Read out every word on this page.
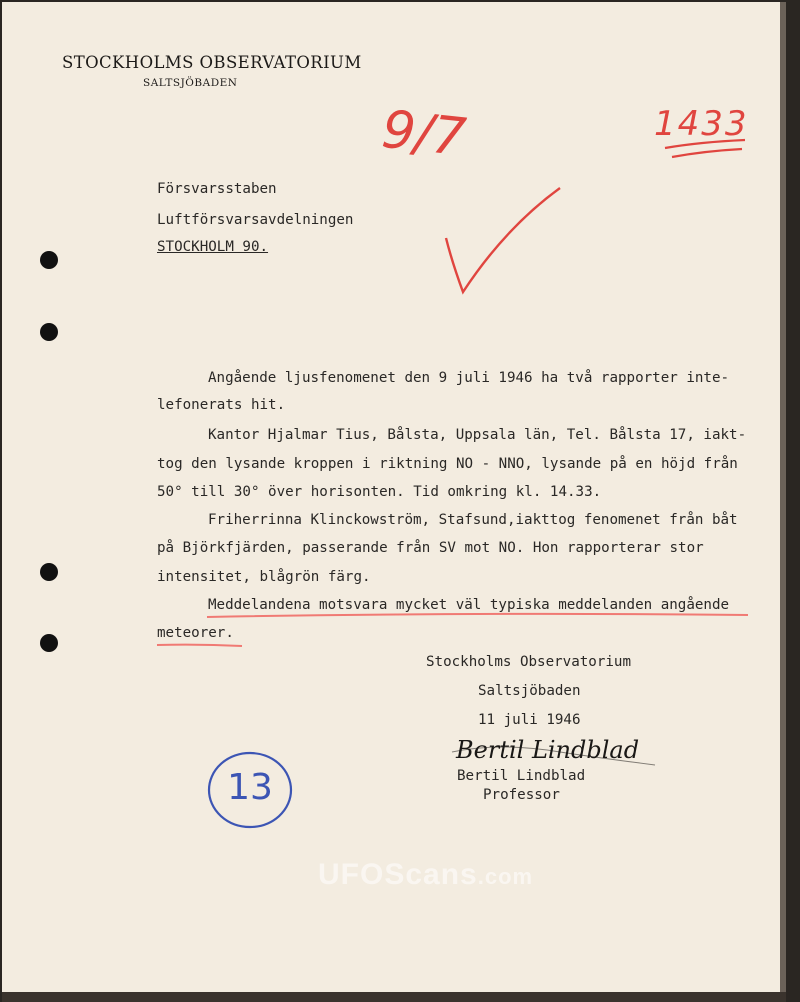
STOCKHOLMS OBSERVATORIUM
SALTSJÖBADEN
9/7	1433
Försvarsstaben
Luftförsvarsavdelningen
STOCKHOLM 90.
Angående ljusfenomenet den 9 juli 1946 ha två rapporter inte-
lefonerats hit.
Kantor Hjalmar Tius, Bålsta, Uppsala län, Tel. Bålsta 17, iakt-
tog den lysande kroppen i riktning NO - NNO, lysande på en höjd från
50° till 30° över horisonten. Tid omkring kl. 14.33.
Friherrinna Klinckowström, Stafsund,iakttog fenomenet från båt
på Björkfjärden, passerande från SV mot NO. Hon rapporterar stor
intensitet, blågrön färg.
Meddelandena motsvara mycket väl typiska meddelanden angående
meteorer.
Stockholms Observatorium
Saltsjöbaden
11 juli 1946
Bertil Lindblad
Bertil Lindblad
Professor
13
UFOScans.com
